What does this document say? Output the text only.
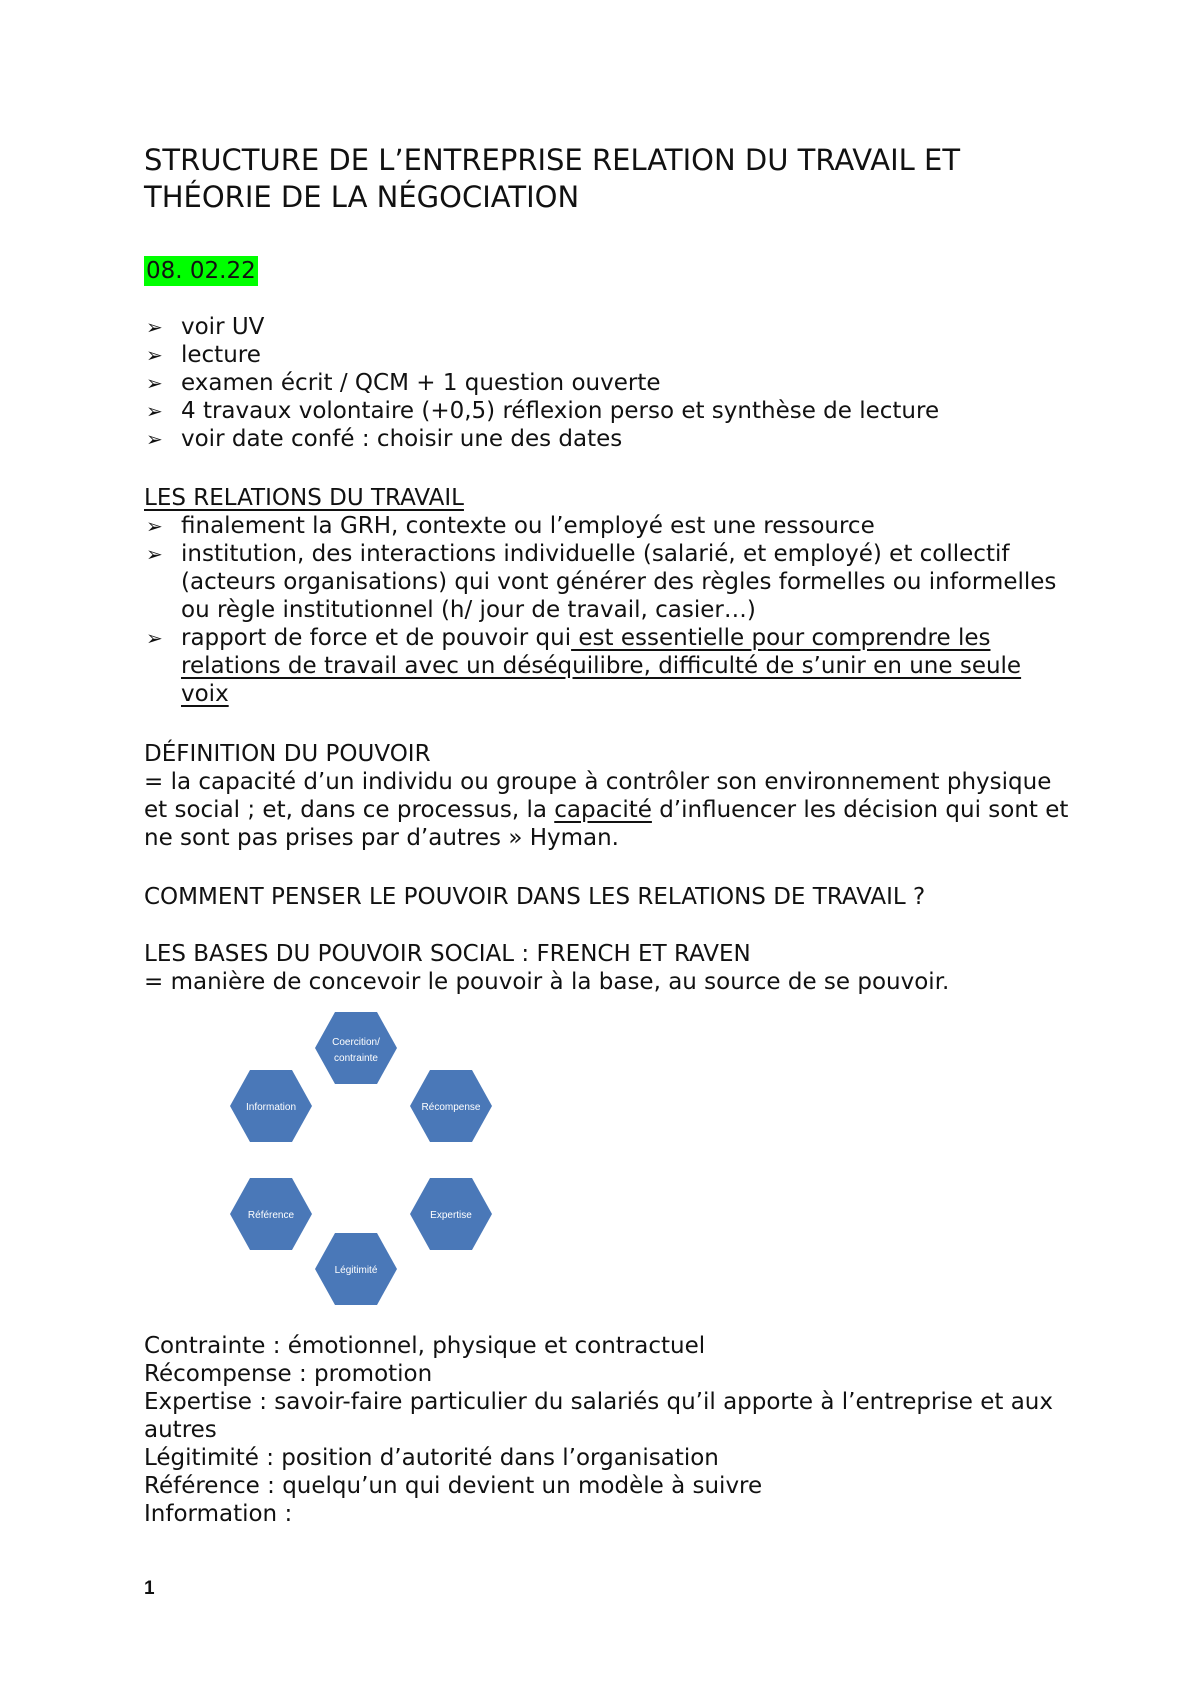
STRUCTURE DE L’ENTREPRISE RELATION DU TRAVAIL ET THÉORIE DE LA NÉGOCIATION
08. 02.22
➢ voir UV
➢ lecture
➢ examen écrit / QCM + 1 question ouverte
➢ 4 travaux volontaire (+0,5) réflexion perso et synthèse de lecture
➢ voir date confé : choisir une des dates
LES RELATIONS DU TRAVAIL
➢ finalement la GRH, contexte ou l’employé est une ressource
➢ institution, des interactions individuelle (salarié, et employé) et collectif (acteurs organisations) qui vont générer des règles formelles ou informelles ou règle institutionnel (h/ jour de travail, casier…)
➢ rapport de force et de pouvoir qui est essentielle pour comprendre les relations de travail avec un déséquilibre, difficulté de s’unir en une seule voix
DÉFINITION DU POUVOIR

= la capacité d’un individu ou groupe à contrôler son environnement physique et social ; et, dans ce processus, la capacité d’influencer les décision qui sont et ne sont pas prises par d’autres » Hyman.

COMMENT PENSER LE POUVOIR DANS LES RELATIONS DE TRAVAIL ?
LES BASES DU POUVOIR SOCIAL : FRENCH ET RAVEN

= manière de concevoir le pouvoir à la base, au source de se pouvoir.

Coercition/
contrainte
Récompense
Expertise
Légitimité
Référence
Information
Contrainte : émotionnel, physique et contractuel
Récompense : promotion
Expertise : savoir-faire particulier du salariés qu’il apporte à l’entreprise et aux autres
Légitimité : position d’autorité dans l’organisation
Référence : quelqu’un qui devient un modèle à suivre
Information :
1
